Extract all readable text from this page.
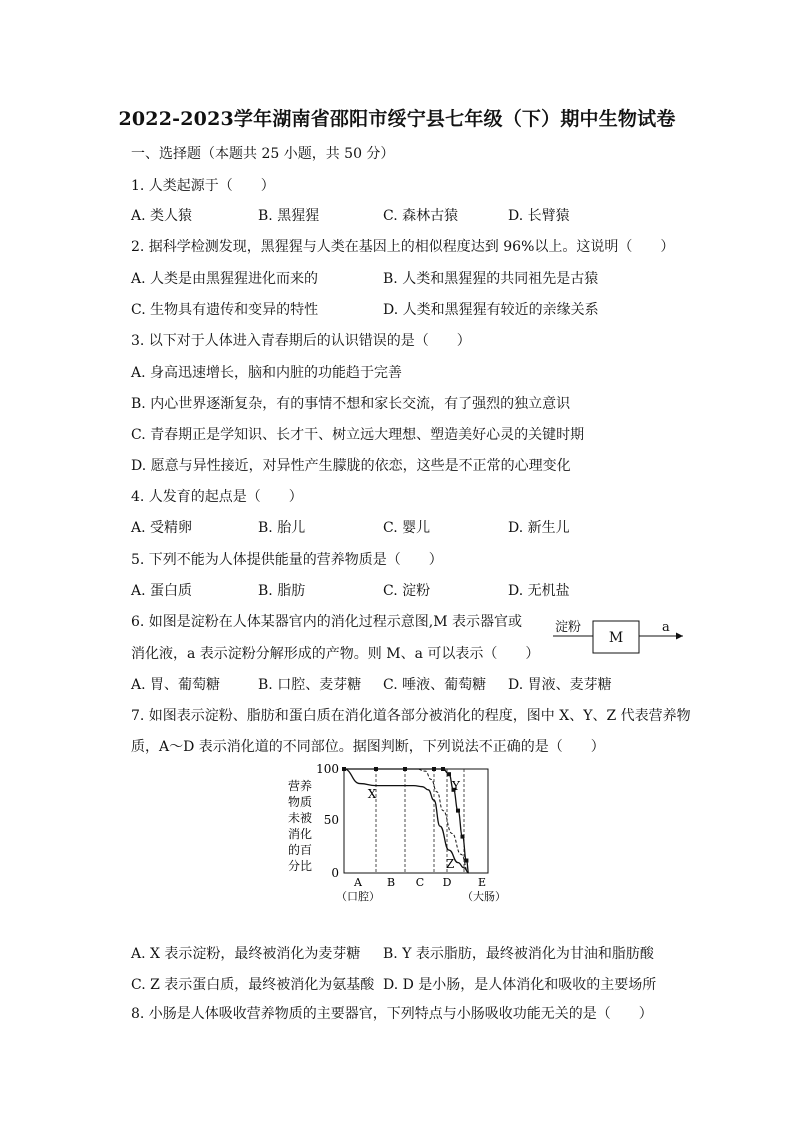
2022-2023学年湖南省邵阳市绥宁县七年级（下）期中生物试卷
一、选择题（本题共 25 小题，共 50 分）
1. 人类起源于（　　）
A. 类人猿	B. 黑猩猩	C. 森林古猿	D. 长臂猿
2. 据科学检测发现，黑猩猩与人类在基因上的相似程度达到 96%以上。这说明（　　）
A. 人类是由黑猩猩进化而来的	B. 人类和黑猩猩的共同祖先是古猿
C. 生物具有遗传和变异的特性	D. 人类和黑猩猩有较近的亲缘关系
3. 以下对于人体进入青春期后的认识错误的是（　　）
A. 身高迅速增长，脑和内脏的功能趋于完善
B. 内心世界逐渐复杂，有的事情不想和家长交流，有了强烈的独立意识
C. 青春期正是学知识、长才干、树立远大理想、塑造美好心灵的关键时期
D. 愿意与异性接近，对异性产生朦胧的依恋，这些是不正常的心理变化
4. 人发育的起点是（　　）
A. 受精卵	B. 胎儿	C. 婴儿	D. 新生儿
5. 下列不能为人体提供能量的营养物质是（　　）
A. 蛋白质	B. 脂肪	C. 淀粉	D. 无机盐
6. 如图是淀粉在人体某器官内的消化过程示意图,M 表示器官或
消化液，a 表示淀粉分解形成的产物。则 M、a 可以表示（　　）
淀粉
M
a
A. 胃、葡萄糖	B. 口腔、麦芽糖 C. 唾液、葡萄糖 D. 胃液、麦芽糖
7. 如图表示淀粉、脂肪和蛋白质在消化道各部分被消化的程度，图中 X、Y、Z 代表营养物
质，A～D 表示消化道的不同部位。据图判断，下列说法不正确的是（　　）
营养
物质
未被
消化
的百
分比
100
50
0
A B C D E
（口腔）	（大肠）
X
Y
Z
A. X 表示淀粉，最终被消化为麦芽糖 B. Y 表示脂肪，最终被消化为甘油和脂肪酸
C. Z 表示蛋白质，最终被消化为氨基酸 D. D 是小肠，是人体消化和吸收的主要场所
8. 小肠是人体吸收营养物质的主要器官，下列特点与小肠吸收功能无关的是（　　）
